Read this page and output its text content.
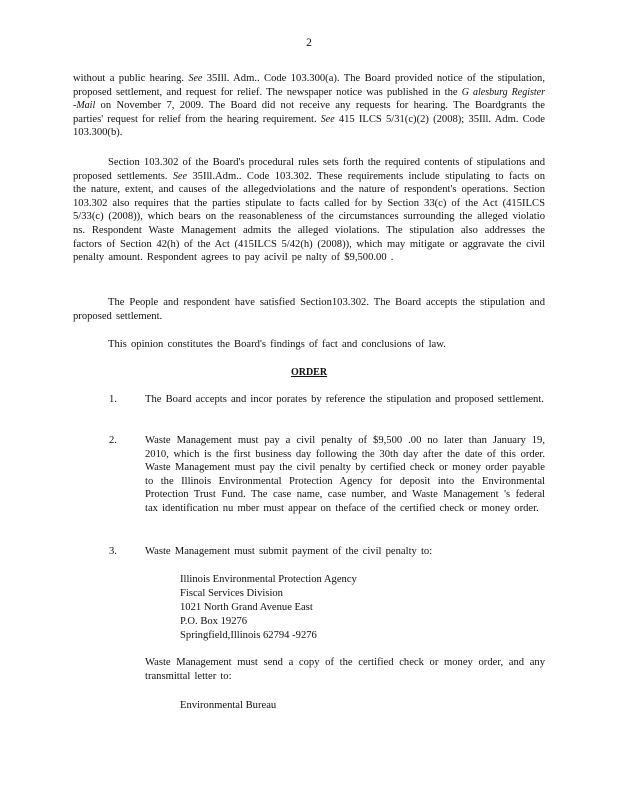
2
without a public hearing. See 35Ill. Adm.. Code 103.300(a). The Board provided notice of the stipulation, proposed settlement, and request for relief. The newspaper notice was published in the G alesburg Register -Mail on November 7, 2009. The Board did not receive any requests for hearing. The Boardgrants the parties' request for relief from the hearing requirement. See 415 ILCS 5/31(c)(2) (2008); 35Ill. Adm. Code 103.300(b).
Section 103.302 of the Board's procedural rules sets forth the required contents of stipulations and proposed settlements. See 35Ill.Adm.. Code 103.302. These requirements include stipulating to facts on the nature, extent, and causes of the allegedviolations and the nature of respondent's operations. Section 103.302 also requires that the parties stipulate to facts called for by Section 33(c) of the Act (415ILCS 5/33(c) (2008)), which bears on the reasonableness of the circumstances surrounding the alleged violatio ns. Respondent Waste Management admits the alleged violations. The stipulation also addresses the factors of Section 42(h) of the Act (415ILCS 5/42(h) (2008)), which may mitigate or aggravate the civil penalty amount. Respondent agrees to pay acivil pe nalty of $9,500.00 .
The People and respondent have satisfied Section103.302. The Board accepts the stipulation and proposed settlement.
This opinion constitutes the Board's findings of fact and conclusions of law.
ORDER
1.	The Board accepts and incor porates by reference the stipulation and proposed settlement.
2.	Waste Management must pay a civil penalty of $9,500 .00 no later than January 19, 2010, which is the first business day following the 30th day after the date of this order. Waste Management must pay the civil penalty by certified check or money order payable to the Illinois Environmental Protection Agency for deposit into the Environmental Protection Trust Fund. The case name, case number, and Waste Management 's federal tax identification nu mber must appear on theface of the certified check or money order.
3.	Waste Management must submit payment of the civil penalty to:
Illinois Environmental Protection Agency
Fiscal Services Division
1021 North Grand Avenue East
P.O. Box 19276
Springfield,Illinois 62794 -9276
Waste Management must send a copy of the certified check or money order, and any transmittal letter to:
Environmental Bureau
